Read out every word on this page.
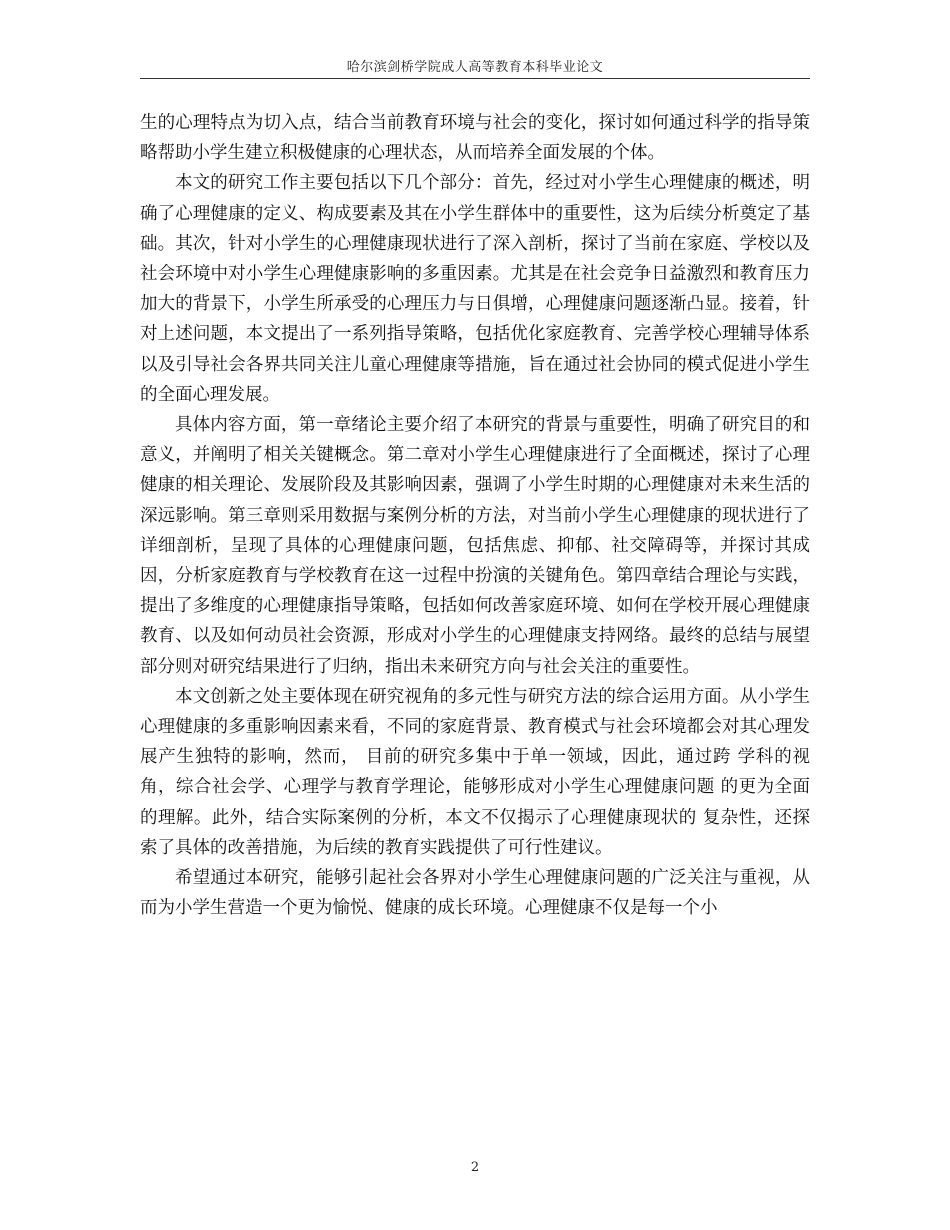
哈尔滨剑桥学院成人高等教育本科毕业论文

生的心理特点为切入点，结合当前教育环境与社会的变化，探讨如何通过科学的指导策略帮助小学生建立积极健康的心理状态，从而培养全面发展的个体。

本文的研究工作主要包括以下几个部分：首先，经过对小学生心理健康的概述，明确了心理健康的定义、构成要素及其在小学生群体中的重要性，这为后续分析奠定了基础。其次，针对小学生的心理健康现状进行了深入剖析，探讨了当前在家庭、学校以及社会环境中对小学生心理健康影响的多重因素。尤其是在社会竞争日益激烈和教育压力加大的背景下，小学生所承受的心理压力与日俱增，心理健康问题逐渐凸显。接着，针对上述问题，本文提出了一系列指导策略，包括优化家庭教育、完善学校心理辅导体系以及引导社会各界共同关注儿童心理健康等措施，旨在通过社会协同的模式促进小学生的全面心理发展。

具体内容方面，第一章绪论主要介绍了本研究的背景与重要性，明确了研究目的和意义，并阐明了相关关键概念。第二章对小学生心理健康进行了全面概述，探讨了心理健康的相关理论、发展阶段及其影响因素，强调了小学生时期的心理健康对未来生活的深远影响。第三章则采用数据与案例分析的方法，对当前小学生心理健康的现状进行了详细剖析，呈现了具体的心理健康问题，包括焦虑、抑郁、社交障碍等，并探讨其成因，分析家庭教育与学校教育在这一过程中扮演的关键角色。第四章结合理论与实践，提出了多维度的心理健康指导策略，包括如何改善家庭环境、如何在学校开展心理健康教育、以及如何动员社会资源，形成对小学生的心理健康支持网络。最终的总结与展望部分则对研究结果进行了归纳，指出未来研究方向与社会关注的重要性。

本文创新之处主要体现在研究视角的多元性与研究方法的综合运用方面。从小学生心理健康的多重影响因素来看，不同的家庭背景、教育模式与社会环境都会对其心理发展产生独特的影响，然而， 目前的研究多集中于单一领域，因此，通过跨 学科的视角，综合社会学、心理学与教育学理论，能够形成对小学生心理健康问题 的更为全面的理解。此外，结合实际案例的分析，本文不仅揭示了心理健康现状的 复杂性，还探索了具体的改善措施，为后续的教育实践提供了可行性建议。

希望通过本研究，能够引起社会各界对小学生心理健康问题的广泛关注与重视，从而为小学生营造一个更为愉悦、健康的成长环境。心理健康不仅是每一个小

2
